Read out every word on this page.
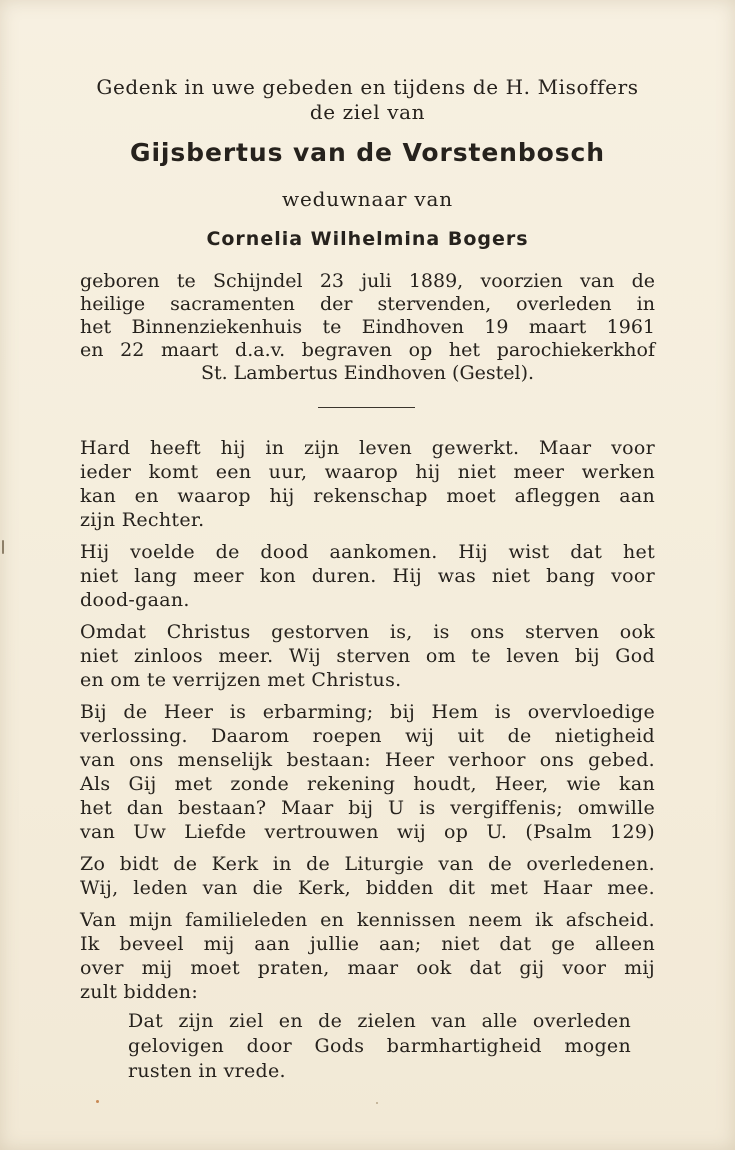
Gedenk in uwe gebeden en tijdens de H. Misoffers
de ziel van
Gijsbertus van de Vorstenbosch
weduwnaar van
Cornelia Wilhelmina Bogers
geboren te Schijndel 23 juli 1889, voorzien van de
heilige sacramenten der stervenden, overleden in
het Binnenziekenhuis te Eindhoven 19 maart 1961
en 22 maart d.a.v. begraven op het parochiekerkhof
St. Lambertus Eindhoven (Gestel).
Hard heeft hij in zijn leven gewerkt. Maar voor
ieder komt een uur, waarop hij niet meer werken
kan en waarop hij rekenschap moet afleggen aan
zijn Rechter.
Hij voelde de dood aankomen. Hij wist dat het
niet lang meer kon duren. Hij was niet bang voor
dood-gaan.
Omdat Christus gestorven is, is ons sterven ook
niet zinloos meer. Wij sterven om te leven bij God
en om te verrijzen met Christus.
Bij de Heer is erbarming; bij Hem is overvloedige
verlossing. Daarom roepen wij uit de nietigheid
van ons menselijk bestaan: Heer verhoor ons gebed.
Als Gij met zonde rekening houdt, Heer, wie kan
het dan bestaan? Maar bij U is vergiffenis; omwille
van Uw Liefde vertrouwen wij op U. (Psalm 129)
Zo bidt de Kerk in de Liturgie van de overledenen.
Wij, leden van die Kerk, bidden dit met Haar mee.
Van mijn familieleden en kennissen neem ik afscheid.
Ik beveel mij aan jullie aan; niet dat ge alleen
over mij moet praten, maar ook dat gij voor mij
zult bidden:
Dat zijn ziel en de zielen van alle overleden
gelovigen door Gods barmhartigheid mogen
rusten in vrede.
